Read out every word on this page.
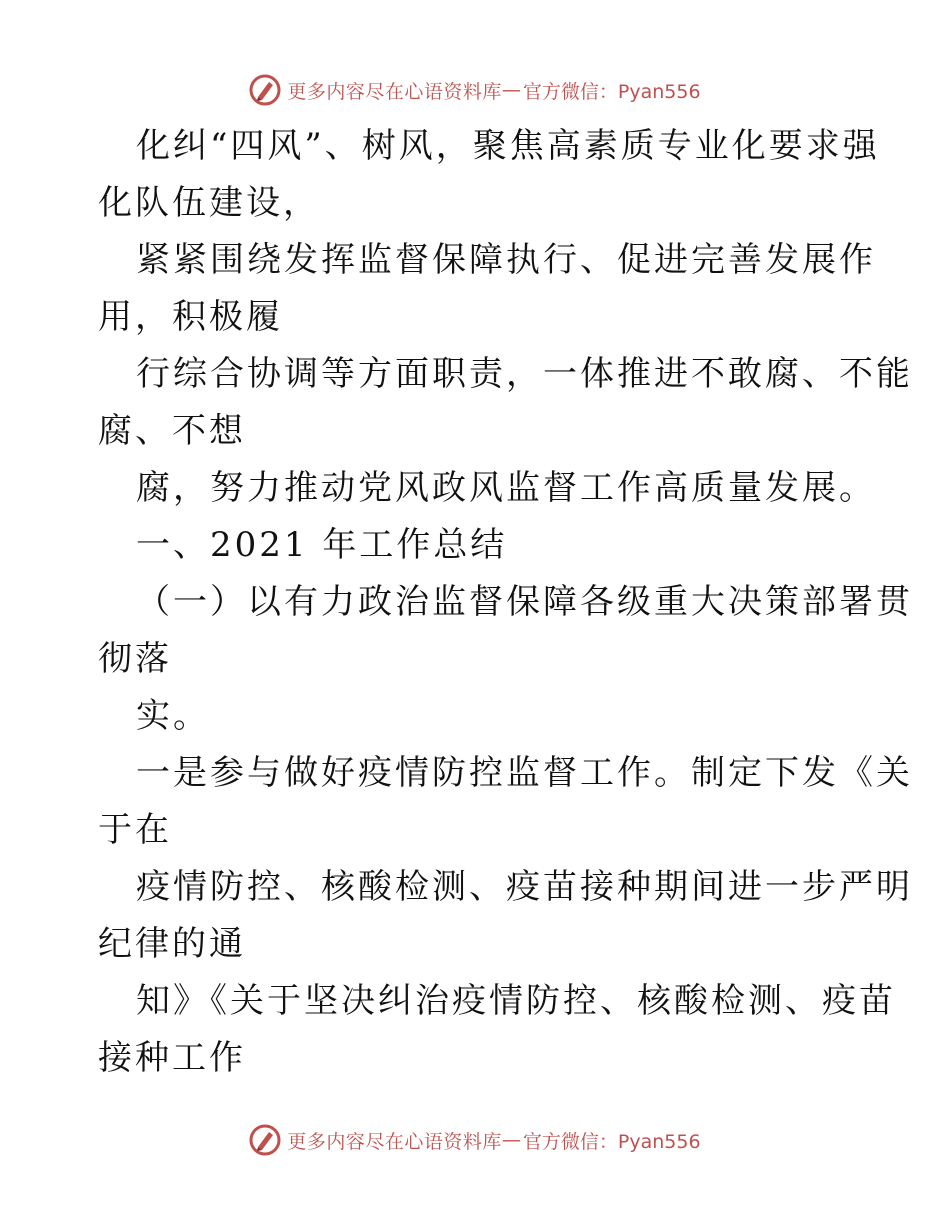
更多内容尽在心语资料库 — 官方微信：Pyan556
化纠“四风”、树风，聚焦高素质专业化要求强
化队伍建设，
紧紧围绕发挥监督保障执行、促进完善发展作
用，积极履
行综合协调等方面职责，一体推进不敢腐、不能
腐、不想
腐，努力推动党风政风监督工作高质量发展。
一、2021 年工作总结
（一）以有力政治监督保障各级重大决策部署贯
彻落
实。
一是参与做好疫情防控监督工作。制定下发《关
于在
疫情防控、核酸检测、疫苗接种期间进一步严明
纪律的通
知》《关于坚决纠治疫情防控、核酸检测、疫苗
接种工作
更多内容尽在心语资料库 — 官方微信：Pyan556
